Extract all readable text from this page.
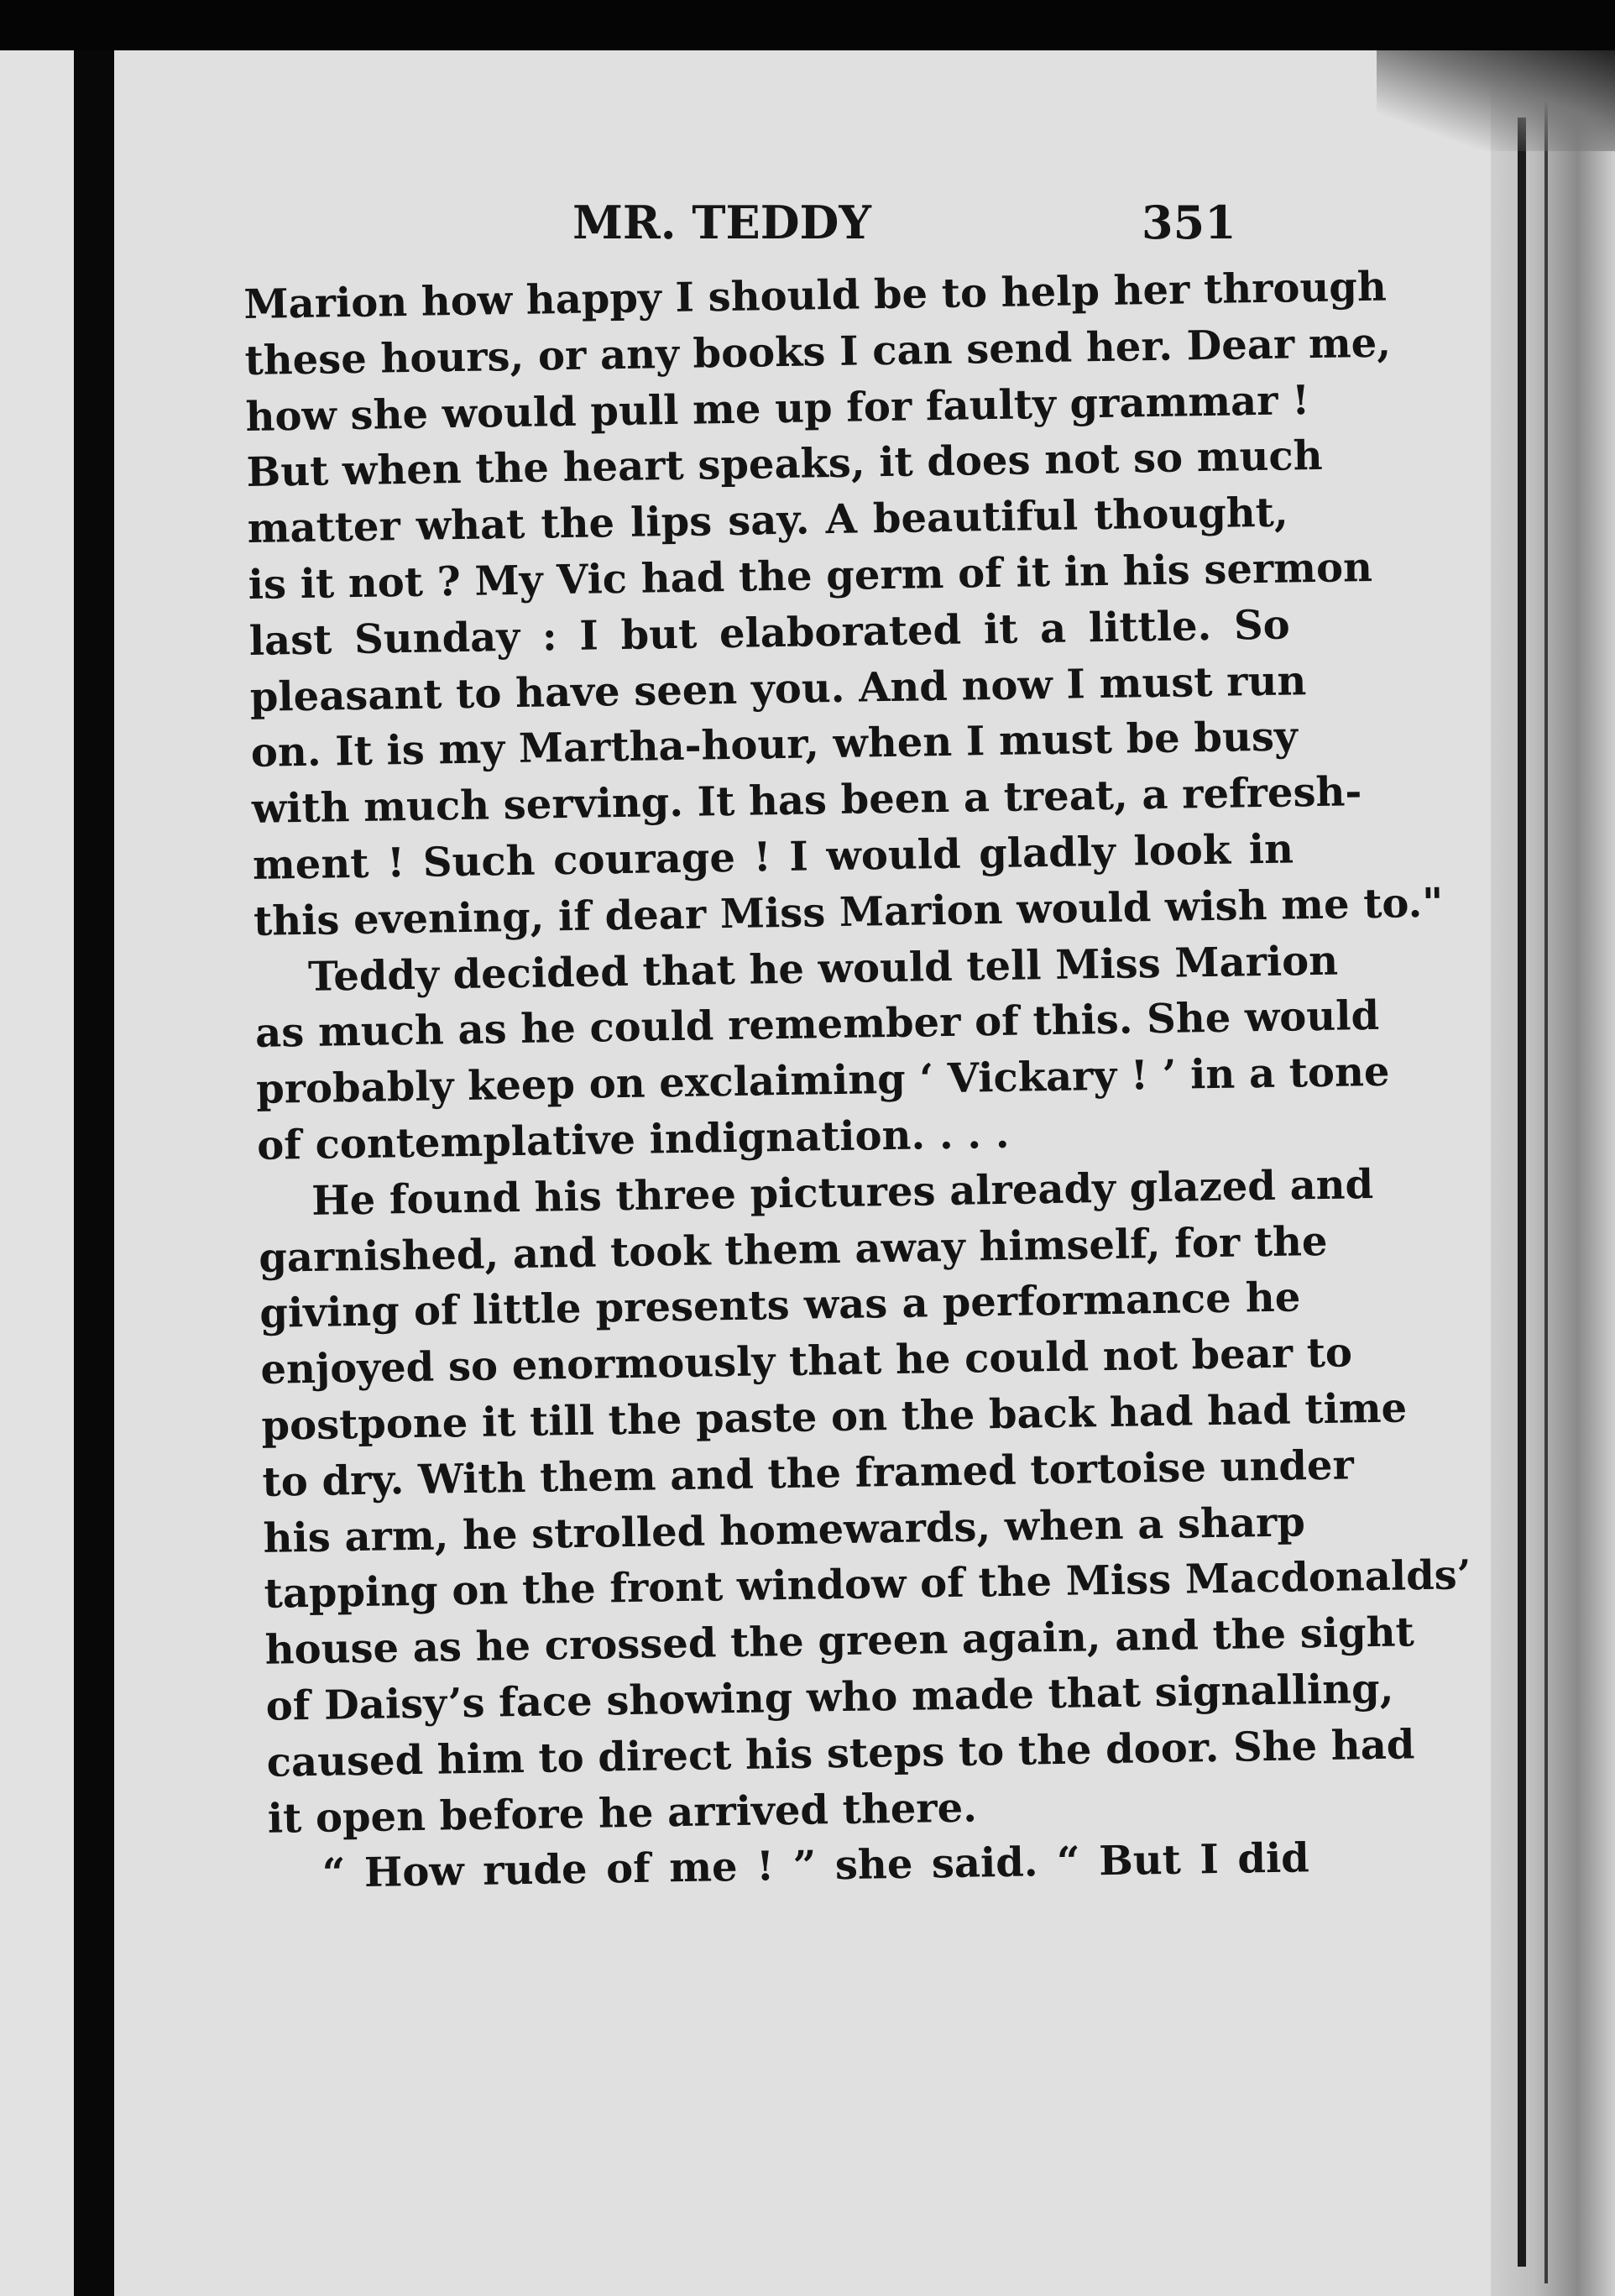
MR. TEDDY	351
Marion how happy I should be to help her through
these hours, or any books I can send her. Dear me,
how she would pull me up for faulty grammar !
But when the heart speaks, it does not so much
matter what the lips say. A beautiful thought,
is it not ? My Vic had the germ of it in his sermon
last Sunday : I but elaborated it a little. So
pleasant to have seen you. And now I must run
on. It is my Martha-hour, when I must be busy
with much serving. It has been a treat, a refresh-
ment ! Such courage ! I would gladly look in
this evening, if dear Miss Marion would wish me to."
Teddy decided that he would tell Miss Marion
as much as he could remember of this. She would
probably keep on exclaiming ‘ Vickary ! ’ in a tone
of contemplative indignation. . . .
He found his three pictures already glazed and
garnished, and took them away himself, for the
giving of little presents was a performance he
enjoyed so enormously that he could not bear to
postpone it till the paste on the back had had time
to dry. With them and the framed tortoise under
his arm, he strolled homewards, when a sharp
tapping on the front window of the Miss Macdonalds’
house as he crossed the green again, and the sight
of Daisy’s face showing who made that signalling,
caused him to direct his steps to the door. She had
it open before he arrived there.
“ How rude of me ! ” she said. “ But I did
